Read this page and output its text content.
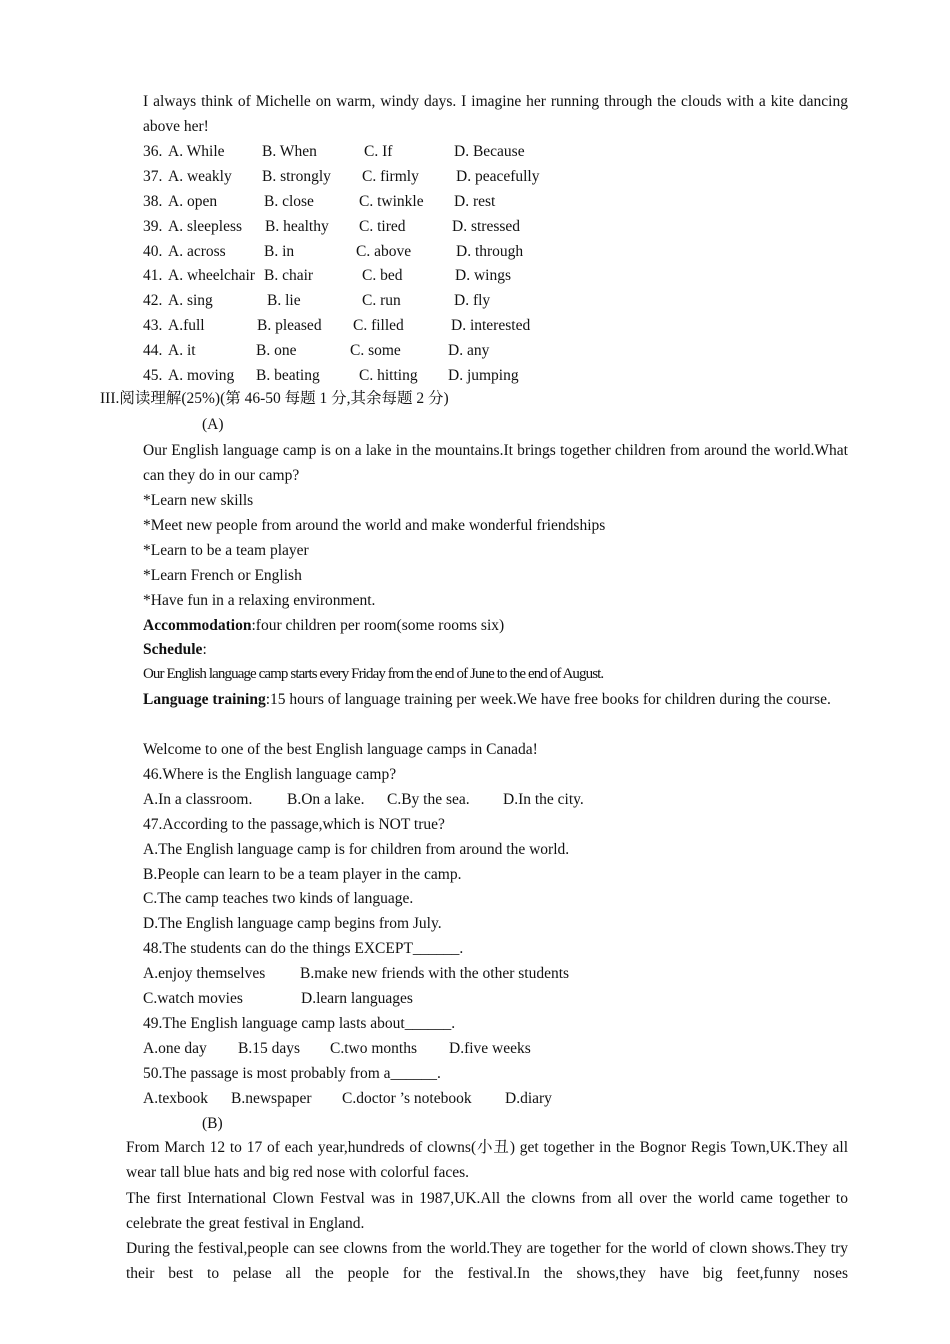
I always think of Michelle on warm, windy days. I imagine her running through the clouds with a kite dancing above her!
36. A. While B. When	C. If	D. Because
37. A. weakly B. strongly C. firmly D. peacefully
38. A. open	B. close	C. twinkle D. rest
39. A. sleepless B. healthy C. tired	D. stressed
40. A. across B. in	C. above	D. through
41. A. wheelchair B. chair	C. bed	D. wings
42. A. sing	B. lie	C. run	D. fly
43. A.full	B. pleased C. filled	D. interested
44. A. it	B. one	C. some	D. any
45. A. moving B. beating	C. hitting D. jumping
III.阅读理解(25%)(第 46-50 每题 1 分,其余每题 2 分)
(A)
Our English language camp is on a lake in the mountains.It brings together children from around the world.What can they do in our camp?
*Learn new skills
*Meet new people from around the world and make wonderful friendships
*Learn to be a team player
*Learn French or English
*Have fun in a relaxing environment.
Accommodation:four children per room(some rooms six)
Schedule:
Our English language camp starts every Friday from the end of June to the end of August.
Language training:15 hours of language training per week.We have free books for children during the course.
Welcome to one of the best English language camps in Canada!
46.Where is the English language camp?
A.In a classroom. B.On a lake. C.By the sea. D.In the city.
47.According to the passage,which is NOT true?
A.The English language camp is for children from around the world.
B.People can learn to be a team player in the camp.
C.The camp teaches two kinds of language.
D.The English language camp begins from July.
48.The students can do the things EXCEPT______.
A.enjoy themselves B.make new friends with the other students
C.watch movies	D.learn languages
49.The English language camp lasts about______.
A.one day B.15 days C.two months D.five weeks
50.The passage is most probably from a______.
A.texbook B.newspaper C.doctor ’s notebook D.diary
(B)
From March 12 to 17 of each year,hundreds of clowns(小丑) get together in the Bognor Regis Town,UK.They all wear tall blue hats and big red nose with colorful faces.
The first International Clown Festval was in 1987,UK.All the clowns from all over the world came together to celebrate the great festival in England.
During the festival,people can see clowns from the world.They are together for the world of clown shows.They try their best to pelase all the people for the festival.In the shows,they have big feet,funny noses
